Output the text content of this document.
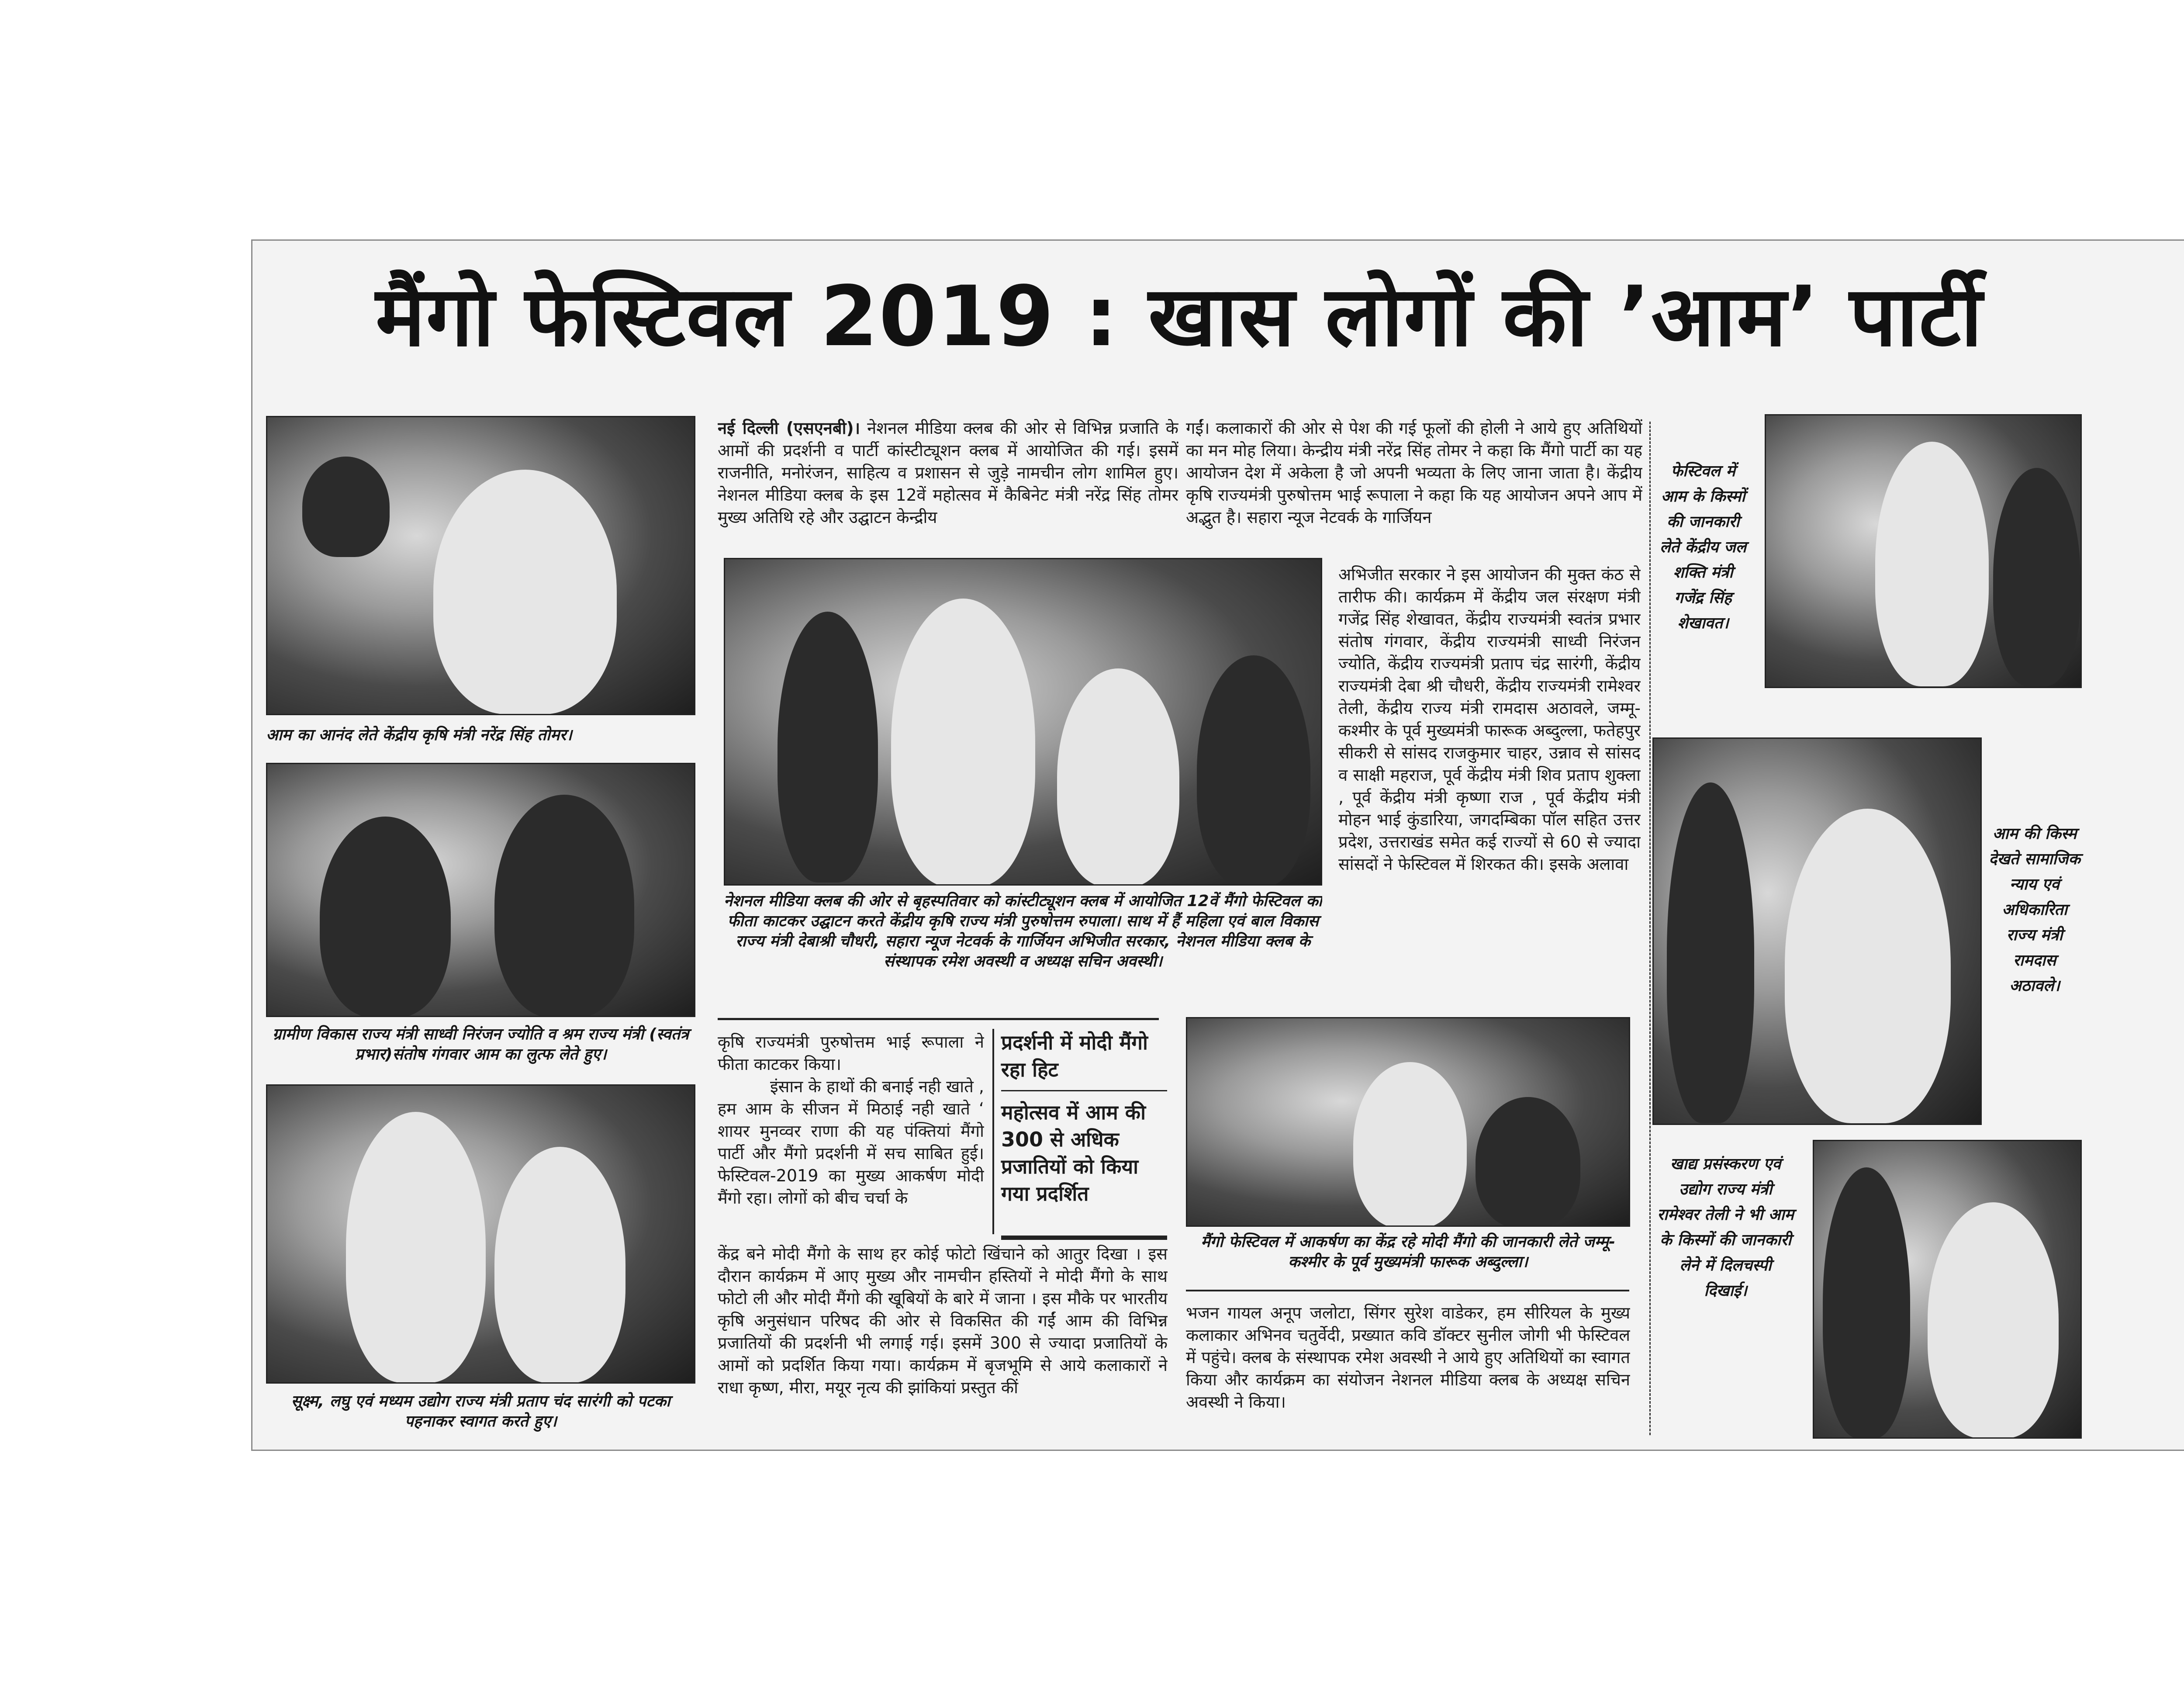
मैंगो फेस्टिवल 2019 : खास लोगों की ’आम’ पार्टी
आम का आनंद लेते केंद्रीय कृषि मंत्री नरेंद्र सिंह तोमर।
ग्रामीण विकास राज्य मंत्री साध्वी निरंजन ज्योति व श्रम राज्य मंत्री (स्वतंत्र प्रभार)संतोष गंगवार आम का लुत्फ लेते हुए।
सूक्ष्म, लघु एवं मध्यम उद्योग राज्य मंत्री प्रताप चंद सारंगी को पटका पहनाकर स्वागत करते हुए।

नई दिल्ली (एसएनबी)। नेशनल मीडिया क्लब की ओर से विभिन्न प्रजाति के आमों की प्रदर्शनी व पार्टी कांस्टीट्यूशन क्लब में आयोजित की गई। इसमें राजनीति, मनोरंजन, साहित्य व प्रशासन से जुड़े नामचीन लोग शामिल हुए। नेशनल मीडिया क्लब के इस 12वें महोत्सव में कैबिनेट मंत्री नरेंद्र सिंह तोमर मुख्य अतिथि रहे और उद्घाटन केन्द्रीय

गईं। कलाकारों की ओर से पेश की गई फूलों की होली ने आये हुए अतिथियों का मन मोह लिया। केन्द्रीय मंत्री नरेंद्र सिंह तोमर ने कहा कि मैंगो पार्टी का यह आयोजन देश में अकेला है जो अपनी भव्यता के लिए जाना जाता है। केंद्रीय कृषि राज्यमंत्री पुरुषोत्तम भाई रूपाला ने कहा कि यह आयोजन अपने आप में अद्भुत है। सहारा न्यूज नेटवर्क के गार्जियन
नेशनल मीडिया क्लब की ओर से बृहस्पतिवार को कांस्टीट्यूशन क्लब में आयोजित 12वें मैंगो फेस्टिवल का फीता काटकर उद्घाटन करते केंद्रीय कृषि राज्य मंत्री पुरुषोत्तम रुपाला। साथ में हैं महिला एवं बाल विकास राज्य मंत्री देबाश्री चौधरी, सहारा न्यूज नेटवर्क के गार्जियन अभिजीत सरकार, नेशनल मीडिया क्लब के संस्थापक रमेश अवस्थी व अध्यक्ष सचिन अवस्थी।
अभिजीत सरकार ने इस आयोजन की मुक्त कंठ से तारीफ की। कार्यक्रम में केंद्रीय जल संरक्षण मंत्री गजेंद्र सिंह शेखावत, केंद्रीय राज्यमंत्री स्वतंत्र प्रभार संतोष गंगवार, केंद्रीय राज्यमंत्री साध्वी निरंजन ज्योति, केंद्रीय राज्यमंत्री प्रताप चंद्र सारंगी, केंद्रीय राज्यमंत्री देबा श्री चौधरी, केंद्रीय राज्यमंत्री रामेश्वर तेली, केंद्रीय राज्य मंत्री रामदास अठावले, जम्मू-कश्मीर के पूर्व मुख्यमंत्री फारूक अब्दुल्ला, फतेहपुर सीकरी से सांसद राजकुमार चाहर, उन्नाव से सांसद व साक्षी महराज, पूर्व केंद्रीय मंत्री शिव प्रताप शुक्ला , पूर्व केंद्रीय मंत्री कृष्णा राज , पूर्व केंद्रीय मंत्री मोहन भाई कुंडारिया, जगदम्बिका पॉल सहित उत्तर प्रदेश, उत्तराखंड समेत कई राज्यों से 60 से ज्यादा सांसदों ने फेस्टिवल में शिरकत की। इसके अलावा
कृषि राज्यमंत्री पुरुषोत्तम भाई रूपाला ने फीता काटकर किया।
इंसान के हाथों की बनाई नही खाते , हम आम के सीजन में मिठाई नही खाते ‘ शायर मुनव्वर राणा की यह पंक्तियां मैंगो पार्टी और मैंगो प्रदर्शनी में सच साबित हुई। फेस्टिवल-2019 का मुख्य आकर्षण मोदी मैंगो रहा। लोगों को बीच चर्चा के
प्रदर्शनी में मोदी मैंगो रहा हिट
महोत्सव में आम की 300 से अधिक प्रजातियों को किया गया प्रदर्शित
केंद्र बने मोदी मैंगो के साथ हर कोई फोटो खिंचाने को आतुर दिखा । इस दौरान कार्यक्रम में आए मुख्य और नामचीन हस्तियों ने मोदी मैंगो के साथ फोटो ली और मोदी मैंगो की खूबियों के बारे में जाना । इस मौके पर भारतीय कृषि अनुसंधान परिषद की ओर से विकसित की गईं आम की विभिन्न प्रजातियों की प्रदर्शनी भी लगाई गई। इसमें 300 से ज्यादा प्रजातियों के आमों को प्रदर्शित किया गया। कार्यक्रम में बृजभूमि से आये कलाकारों ने राधा कृष्ण, मीरा, मयूर नृत्य की झांकियां प्रस्तुत कीं
मैंगो फेस्टिवल में आकर्षण का केंद्र रहे मोदी मैंगो की जानकारी लेते जम्मू-कश्मीर के पूर्व मुख्यमंत्री फारूक अब्दुल्ला।
भजन गायल अनूप जलोटा, सिंगर सुरेश वाडेकर, हम सीरियल के मुख्य कलाकार अभिनव चतुर्वेदी, प्रख्यात कवि डॉक्टर सुनील जोगी भी फेस्टिवल में पहुंचे। क्लब के संस्थापक रमेश अवस्थी ने आये हुए अतिथियों का स्वागत किया और कार्यक्रम का संयोजन नेशनल मीडिया क्लब के अध्यक्ष सचिन अवस्थी ने किया।
फेस्टिवल में आम के किस्मों की जानकारी लेते केंद्रीय जल शक्ति मंत्री गजेंद्र सिंह शेखावत।
आम की किस्म देखते सामाजिक न्याय एवं अधिकारिता राज्य मंत्री रामदास अठावले।
खाद्य प्रसंस्करण एवं उद्योग राज्य मंत्री रामेश्वर तेली ने भी आम के किस्मों की जानकारी लेने में दिलचस्पी दिखाई।
